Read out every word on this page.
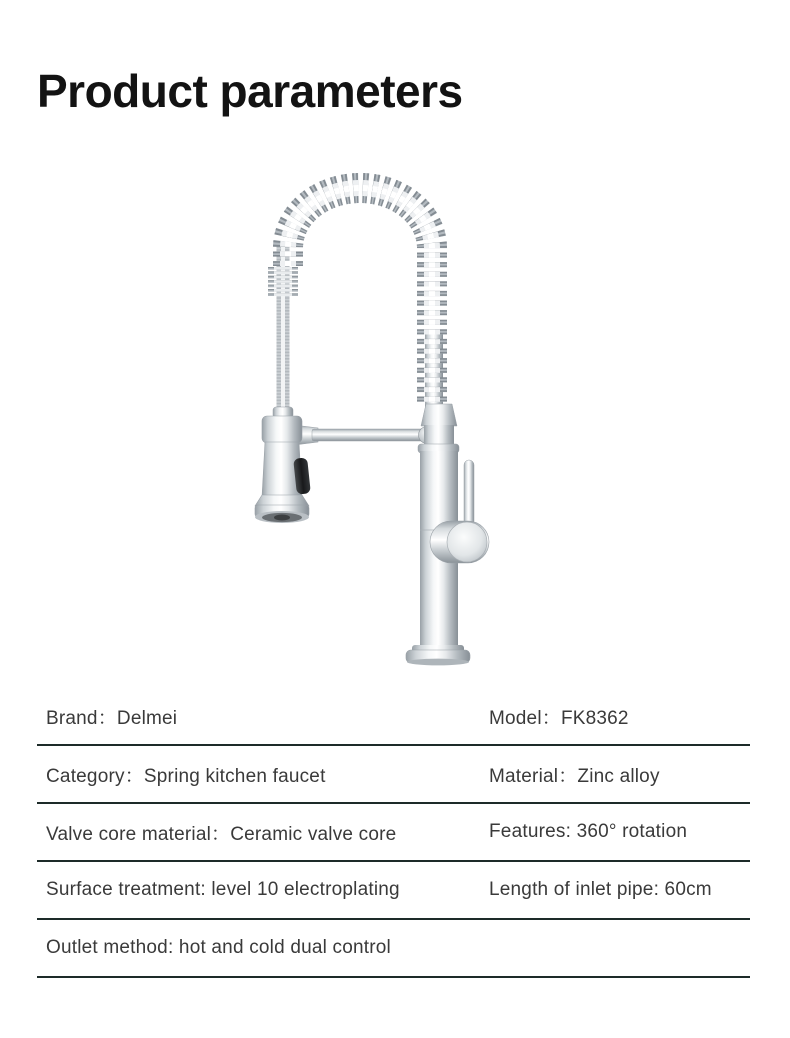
Product parameters
Brand：Delmei	Model：FK8362
Category：Spring kitchen faucet	Material：Zinc alloy
Valve core material：Ceramic valve core	Features: 360° rotation
Surface treatment: level 10 electroplating	Length of inlet pipe: 60cm
Outlet method: hot and cold dual control
